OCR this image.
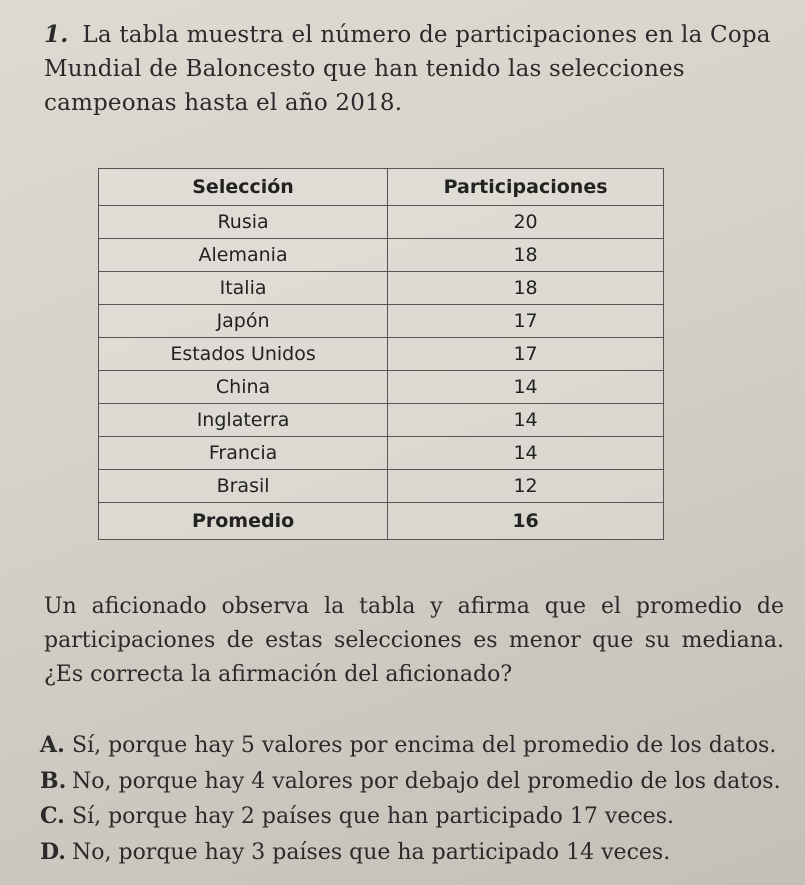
1. La tabla muestra el número de participaciones en la Copa Mundial de Baloncesto que han tenido las selecciones campeonas hasta el año 2018.
Selección	Participaciones
Rusia	20
Alemania	18
Italia	18
Japón	17
Estados Unidos	17
China	14
Inglaterra	14
Francia	14
Brasil	12
Promedio	16
Un aficionado observa la tabla y afirma que el promedio de participaciones de estas selecciones es menor que su mediana. ¿Es correcta la afirmación del aficionado?
A. Sí, porque hay 5 valores por encima del promedio de los datos.
B. No, porque hay 4 valores por debajo del promedio de los datos.
C. Sí, porque hay 2 países que han participado 17 veces.
D. No, porque hay 3 países que ha participado 14 veces.
